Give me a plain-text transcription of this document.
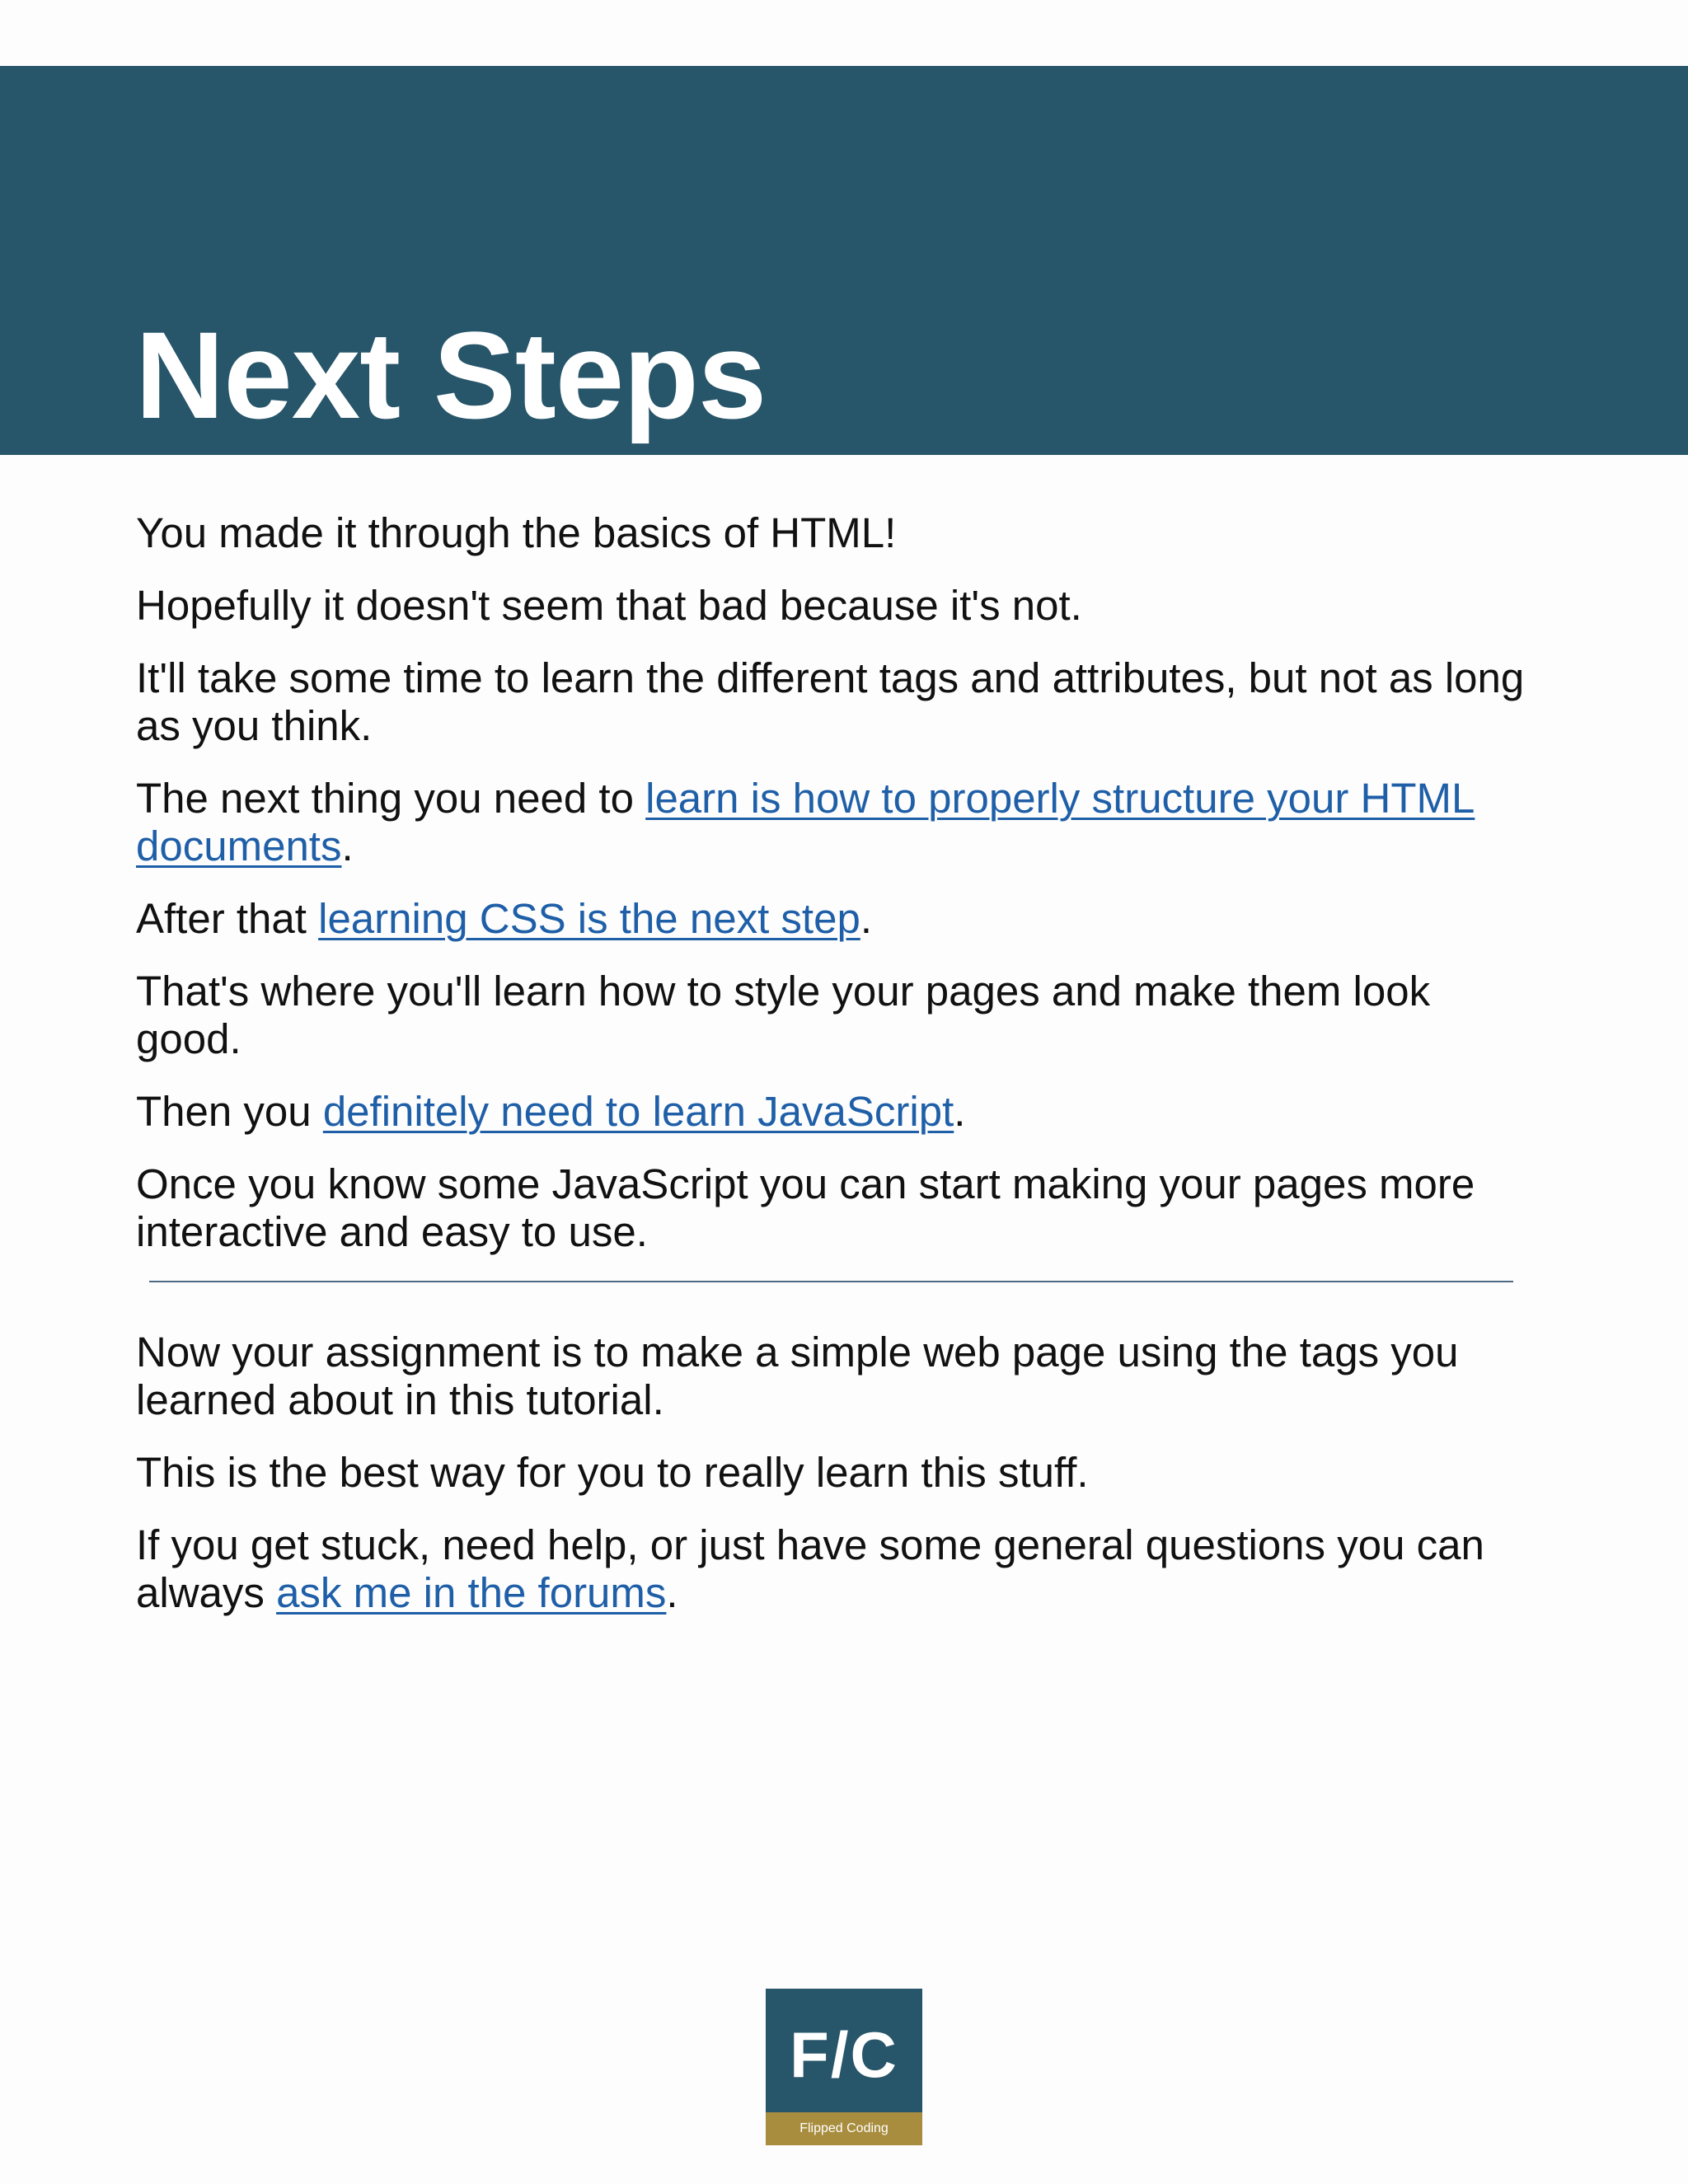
Next Steps

You made it through the basics of HTML!

Hopefully it doesn't seem that bad because it's not.

It'll take some time to learn the different tags and attributes, but not as long as you think.

The next thing you need to learn is how to properly structure your HTML documents.

After that learning CSS is the next step.

That's where you'll learn how to style your pages and make them look good.

Then you definitely need to learn JavaScript.

Once you know some JavaScript you can start making your pages more interactive and easy to use.

Now your assignment is to make a simple web page using the tags you learned about in this tutorial.

This is the best way for you to really learn this stuff.

If you get stuck, need help, or just have some general questions you can always ask me in the forums.

F/C
Flipped Coding
